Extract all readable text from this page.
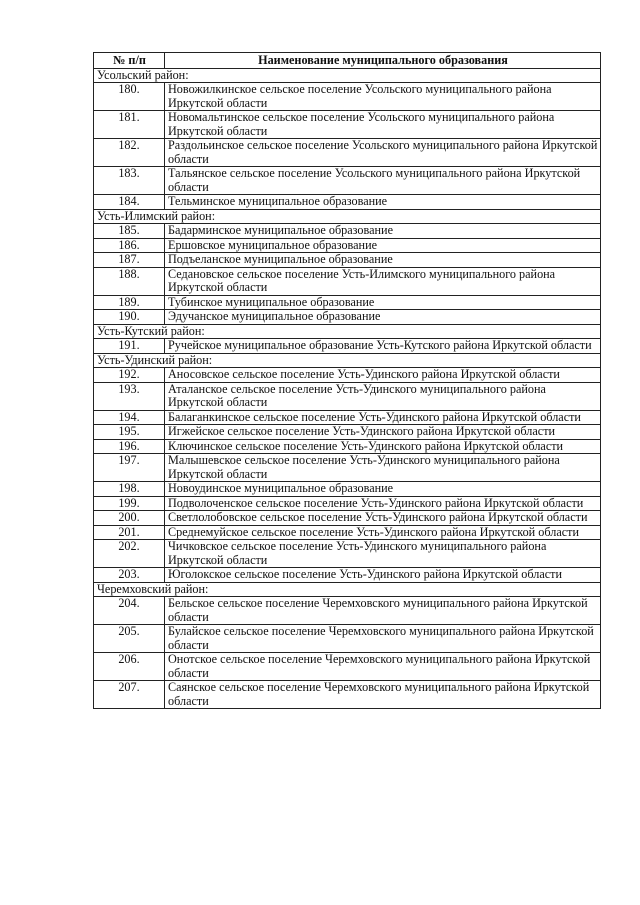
№ п/п	Наименование муниципального образования
Усольский район:	
180.	Новожилкинское сельское поселение Усольского муниципального района Иркутской области
181.	Новомальтинское сельское поселение Усольского муниципального района Иркутской области
182.	Раздольинское сельское поселение Усольского муниципального района Иркутской области
183.	Тальянское сельское поселение Усольского муниципального района Иркутской области
184.	Тельминское муниципальное образование
Усть-Илимский район:	
185.	Бадарминское муниципальное образование
186.	Ершовское муниципальное образование
187.	Подъеланское муниципальное образование
188.	Седановское сельское поселение Усть-Илимского муниципального района Иркутской области
189.	Тубинское муниципальное образование
190.	Эдучанское муниципальное образование
Усть-Кутский район:	
191.	Ручейское муниципальное образование Усть-Кутского района Иркутской области
Усть-Удинский район:	
192.	Аносовское сельское поселение Усть-Удинского района Иркутской области
193.	Аталанское сельское поселение Усть-Удинского муниципального района Иркутской области
194.	Балаганкинское сельское поселение Усть-Удинского района Иркутской области
195.	Игжейское сельское поселение Усть-Удинского района Иркутской области
196.	Ключинское сельское поселение Усть-Удинского района Иркутской области
197.	Малышевское сельское поселение Усть-Удинского муниципального района Иркутской области
198.	Новоудинское муниципальное образование
199.	Подволоченское сельское поселение Усть-Удинского района Иркутской области
200.	Светлолобовское сельское поселение Усть-Удинского района Иркутской области
201.	Среднемуйское сельское поселение Усть-Удинского района Иркутской области
202.	Чичковское сельское поселение Усть-Удинского муниципального района Иркутской области
203.	Юголокское сельское поселение Усть-Удинского района Иркутской области
Черемховский район:	
204.	Бельское сельское поселение Черемховского муниципального района Иркутской области
205.	Булайское сельское поселение Черемховского муниципального района Иркутской области
206.	Онотское сельское поселение Черемховского муниципального района Иркутской области
207.	Саянское сельское поселение Черемховского муниципального района Иркутской области
